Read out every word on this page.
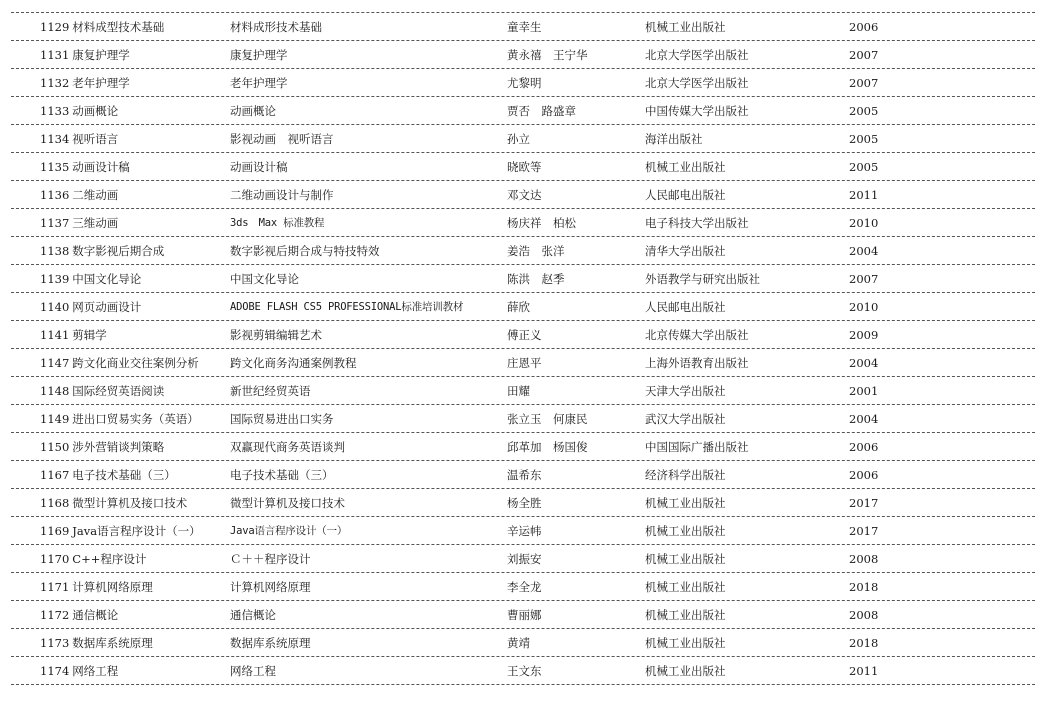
1129 材料成型技术基础	材料成形技术基础	童幸生	机械工业出版社	2006
1131 康复护理学	康复护理学	黄永禧　王宁华	北京大学医学出版社	2007
1132 老年护理学	老年护理学	尤黎明	北京大学医学出版社	2007
1133 动画概论	动画概论	贾否　路盛章	中国传媒大学出版社	2005
1134 视听语言	影视动画　视听语言	孙立	海洋出版社	2005
1135 动画设计稿	动画设计稿	晓欧等	机械工业出版社	2005
1136 二维动画	二维动画设计与制作	邓文达	人民邮电出版社	2011
1137 三维动画	3ds　Max 标准教程	杨庆祥　柏松	电子科技大学出版社	2010
1138 数字影视后期合成	数字影视后期合成与特技特效	姜浩　张洋	清华大学出版社	2004
1139 中国文化导论	中国文化导论	陈洪　赵季	外语教学与研究出版社	2007
1140 网页动画设计	ADOBE FLASH CS5 PROFESSIONAL标准培训教材	薛欣	人民邮电出版社	2010
1141 剪辑学	影视剪辑编辑艺术	傅正义	北京传媒大学出版社	2009
1147 跨文化商业交往案例分析	跨文化商务沟通案例教程	庄恩平	上海外语教育出版社	2004
1148 国际经贸英语阅读	新世纪经贸英语	田耀	天津大学出版社	2001
1149 进出口贸易实务（英语）	国际贸易进出口实务	张立玉　何康民	武汉大学出版社	2004
1150 涉外营销谈判策略	双赢现代商务英语谈判	邱革加　杨国俊	中国国际广播出版社	2006
1167 电子技术基础（三）	电子技术基础（三）	温希东	经济科学出版社	2006
1168 微型计算机及接口技术	微型计算机及接口技术	杨全胜	机械工业出版社	2017
1169 Java语言程序设计（一）	Java语言程序设计（一）	辛运帏	机械工业出版社	2017
1170 C++程序设计	Ｃ＋＋程序设计	刘振安	机械工业出版社	2008
1171 计算机网络原理	计算机网络原理	李全龙	机械工业出版社	2018
1172 通信概论	通信概论	曹丽娜	机械工业出版社	2008
1173 数据库系统原理	数据库系统原理	黄靖	机械工业出版社	2018
1174 网络工程	网络工程	王文东	机械工业出版社	2011
